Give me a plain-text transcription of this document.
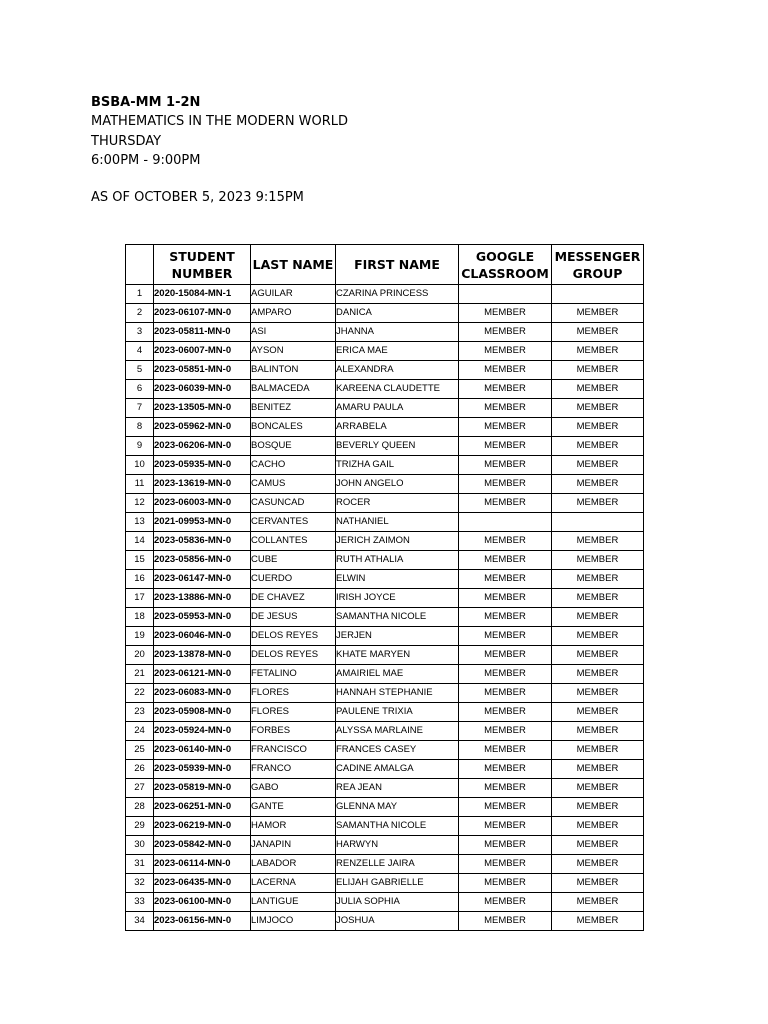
BSBA-MM 1-2N
MATHEMATICS IN THE MODERN WORLD
THURSDAY
6:00PM - 9:00PM
AS OF OCTOBER 5, 2023 9:15PM
	STUDENT NUMBER	LAST NAME	FIRST NAME	GOOGLE CLASSROOM	MESSENGER GROUP
1	2020-15084-MN-1	AGUILAR	CZARINA PRINCESS		
2	2023-06107-MN-0	AMPARO	DANICA	MEMBER	MEMBER
3	2023-05811-MN-0	ASI	JHANNA	MEMBER	MEMBER
4	2023-06007-MN-0	AYSON	ERICA MAE	MEMBER	MEMBER
5	2023-05851-MN-0	BALINTON	ALEXANDRA	MEMBER	MEMBER
6	2023-06039-MN-0	BALMACEDA	KAREENA CLAUDETTE	MEMBER	MEMBER
7	2023-13505-MN-0	BENITEZ	AMARU PAULA	MEMBER	MEMBER
8	2023-05962-MN-0	BONCALES	ARRABELA	MEMBER	MEMBER
9	2023-06206-MN-0	BOSQUE	BEVERLY QUEEN	MEMBER	MEMBER
10	2023-05935-MN-0	CACHO	TRIZHA GAIL	MEMBER	MEMBER
11	2023-13619-MN-0	CAMUS	JOHN ANGELO	MEMBER	MEMBER
12	2023-06003-MN-0	CASUNCAD	ROCER	MEMBER	MEMBER
13	2021-09953-MN-0	CERVANTES	NATHANIEL		
14	2023-05836-MN-0	COLLANTES	JERICH ZAIMON	MEMBER	MEMBER
15	2023-05856-MN-0	CUBE	RUTH ATHALIA	MEMBER	MEMBER
16	2023-06147-MN-0	CUERDO	ELWIN	MEMBER	MEMBER
17	2023-13886-MN-0	DE CHAVEZ	IRISH JOYCE	MEMBER	MEMBER
18	2023-05953-MN-0	DE JESUS	SAMANTHA NICOLE	MEMBER	MEMBER
19	2023-06046-MN-0	DELOS REYES	JERJEN	MEMBER	MEMBER
20	2023-13878-MN-0	DELOS REYES	KHATE MARYEN	MEMBER	MEMBER
21	2023-06121-MN-0	FETALINO	AMAIRIEL MAE	MEMBER	MEMBER
22	2023-06083-MN-0	FLORES	HANNAH STEPHANIE	MEMBER	MEMBER
23	2023-05908-MN-0	FLORES	PAULENE TRIXIA	MEMBER	MEMBER
24	2023-05924-MN-0	FORBES	ALYSSA MARLAINE	MEMBER	MEMBER
25	2023-06140-MN-0	FRANCISCO	FRANCES CASEY	MEMBER	MEMBER
26	2023-05939-MN-0	FRANCO	CADINE AMALGA	MEMBER	MEMBER
27	2023-05819-MN-0	GABO	REA JEAN	MEMBER	MEMBER
28	2023-06251-MN-0	GANTE	GLENNA MAY	MEMBER	MEMBER
29	2023-06219-MN-0	HAMOR	SAMANTHA NICOLE	MEMBER	MEMBER
30	2023-05842-MN-0	JANAPIN	HARWYN	MEMBER	MEMBER
31	2023-06114-MN-0	LABADOR	RENZELLE JAIRA	MEMBER	MEMBER
32	2023-06435-MN-0	LACERNA	ELIJAH GABRIELLE	MEMBER	MEMBER
33	2023-06100-MN-0	LANTIGUE	JULIA SOPHIA	MEMBER	MEMBER
34	2023-06156-MN-0	LIMJOCO	JOSHUA	MEMBER	MEMBER
